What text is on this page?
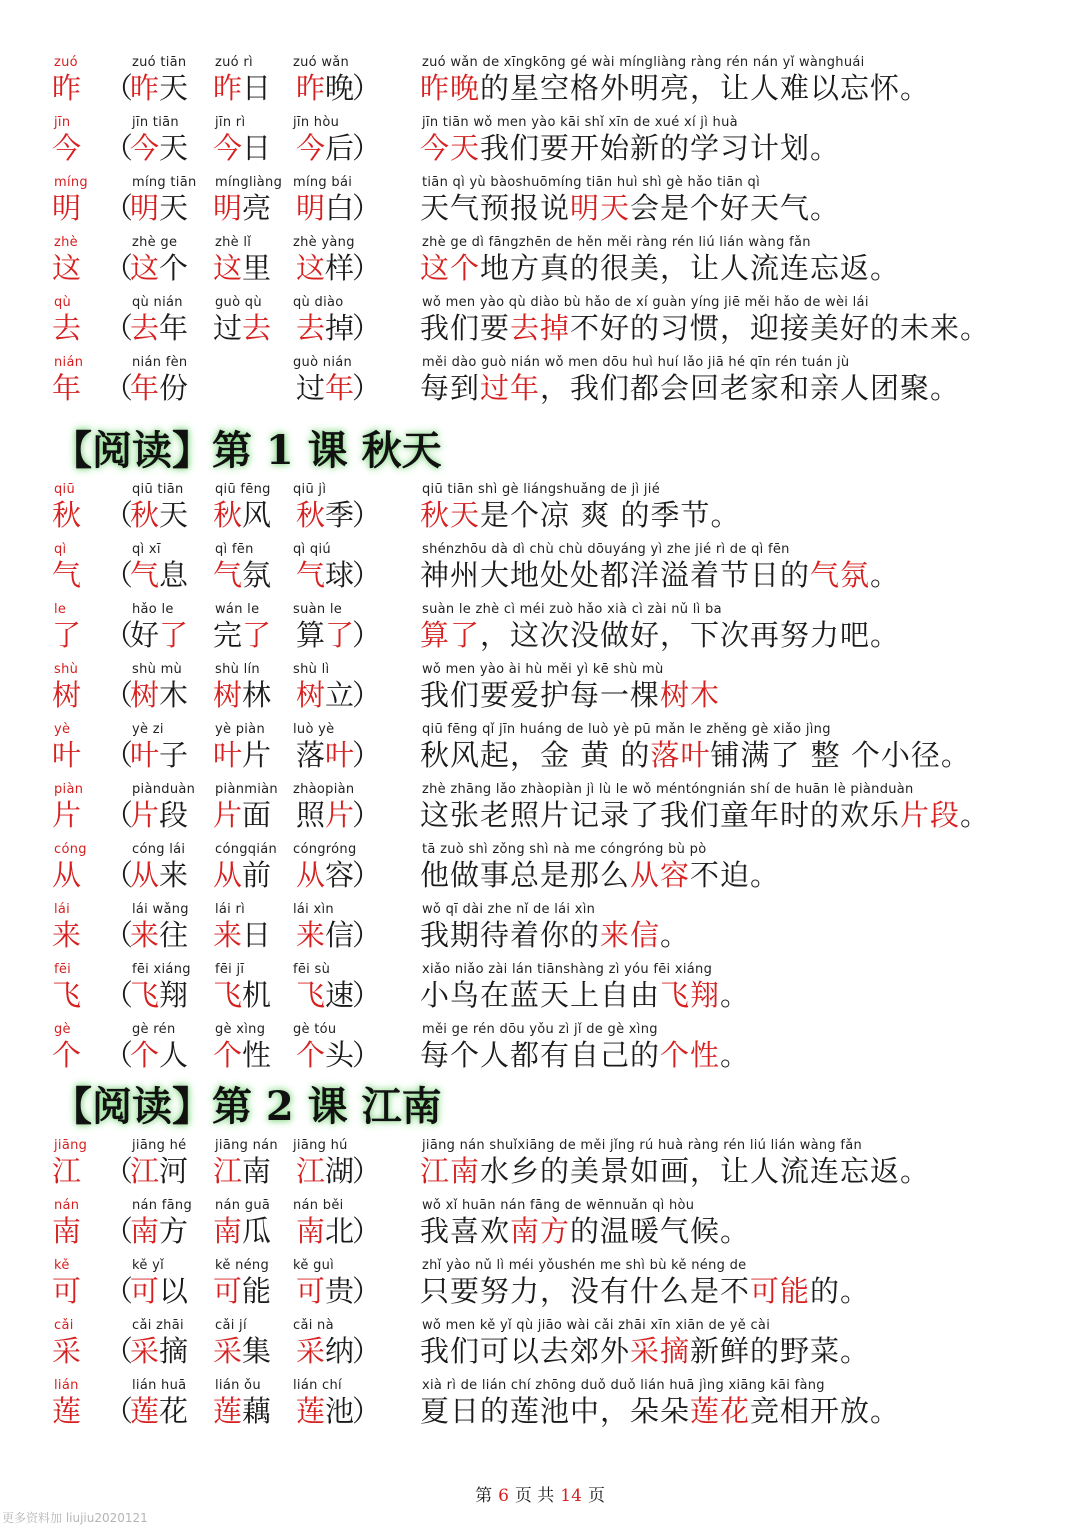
zuó
昨 （
zuó tiān
昨天
zuó rì
昨日
zuó wǎn
昨晚
）
zuó wǎn de xīngkōng gé wài míngliàng ràng rén nán yǐ wànghuái
昨晚的星空格外明亮，让人难以忘怀。
jīn
今 （
jīn tiān
今天
jīn rì
今日
jīn hòu
今后
）
jīn tiān wǒ men yào kāi shǐ xīn de xué xí jì huà
今天我们要开始新的学习计划。
míng
明 （
míng tiān
明天
míngliàng
明亮
míng bái
明白
）
tiān qì yù bàoshuōmíng tiān huì shì gè hǎo tiān qì
天气预报说明天会是个好天气。
zhè
这 （
zhè ge
这个
zhè lǐ
这里
zhè yàng
这样
）
zhè ge dì fāngzhēn de hěn měi ràng rén liú lián wàng fǎn
这个地方真的很美，让人流连忘返。
qù
去 （
qù nián
去年
guò qù
过去
qù diào
去掉
）
wǒ men yào qù diào bù hǎo de xí guàn yíng jiē měi hǎo de wèi lái
我们要去掉不好的习惯，迎接美好的未来。
nián
年 （
nián fèn
年份
guò nián
过年
）
měi dào guò nián wǒ men dōu huì huí lǎo jiā hé qīn rén tuán jù
每到过年，我们都会回老家和亲人团聚。
【阅读】第 1 课 秋天
qiū
秋 （
qiū tiān
秋天
qiū fēng
秋风
qiū jì
秋季
）
qiū tiān shì gè liángshuǎng de jì jié
秋天是个凉 爽 的季节。
qì
气 （
qì xī
气息
qì fēn
气氛
qì qiú
气球
）
shénzhōu dà dì chù chù dōuyáng yì zhe jié rì de qì fēn
神州大地处处都洋溢着节日的气氛。
le
了 （
hǎo le
好了
wán le
完了
suàn le
算了
）
suàn le zhè cì méi zuò hǎo xià cì zài nǔ lì ba
算了，这次没做好，下次再努力吧。
shù
树 （
shù mù
树木
shù lín
树林
shù lì
树立
）
wǒ men yào ài hù měi yì kē shù mù
我们要爱护每一棵树木
yè
叶 （
yè zi
叶子
yè piàn
叶片
luò yè
落叶
）
qiū fēng qǐ jīn huáng de luò yè pū mǎn le zhěng gè xiǎo jìng
秋风起，金 黄 的落叶铺满了 整 个小径。
piàn
片 （
piànduàn
片段
piànmiàn
片面
zhàopiàn
照片
）
zhè zhāng lǎo zhàopiàn jì lù le wǒ méntóngnián shí de huān lè piànduàn
这张老照片记录了我们童年时的欢乐片段。
cóng
从 （
cóng lái
从来
cóngqián
从前
cóngróng
从容
）
tā zuò shì zǒng shì nà me cóngróng bù pò
他做事总是那么从容不迫。
lái
来 （
lái wǎng
来往
lái rì
来日
lái xìn
来信
）
wǒ qī dài zhe nǐ de lái xìn
我期待着你的来信。
fēi
飞 （
fēi xiáng
飞翔
fēi jī
飞机
fēi sù
飞速
）
xiǎo niǎo zài lán tiānshàng zì yóu fēi xiáng
小鸟在蓝天上自由飞翔。
gè
个 （
gè rén
个人
gè xìng
个性
gè tóu
个头
）
měi ge rén dōu yǒu zì jǐ de gè xìng
每个人都有自己的个性。
【阅读】第 2 课 江南
jiāng
江 （
jiāng hé
江河
jiāng nán
江南
jiāng hú
江湖
）
jiāng nán shuǐxiāng de měi jǐng rú huà ràng rén liú lián wàng fǎn
江南水乡的美景如画，让人流连忘返。
nán
南 （
nán fāng
南方
nán guā
南瓜
nán běi
南北
）
wǒ xǐ huān nán fāng de wēnnuǎn qì hòu
我喜欢南方的温暖气候。
kě
可 （
kě yǐ
可以
kě néng
可能
kě guì
可贵
）
zhǐ yào nǔ lì méi yǒushén me shì bù kě néng de
只要努力，没有什么是不可能的。
cǎi
采 （
cǎi zhāi
采摘
cǎi jí
采集
cǎi nà
采纳
）
wǒ men kě yǐ qù jiāo wài cǎi zhāi xīn xiān de yě cài
我们可以去郊外采摘新鲜的野菜。
lián
莲 （
lián huā
莲花
lián ǒu
莲藕
lián chí
莲池
）
xià rì de lián chí zhōng duǒ duǒ lián huā jìng xiāng kāi fàng
夏日的莲池中，朵朵莲花竞相开放。
第 6 页 共 14 页
更多资料加 liujiu2020121
